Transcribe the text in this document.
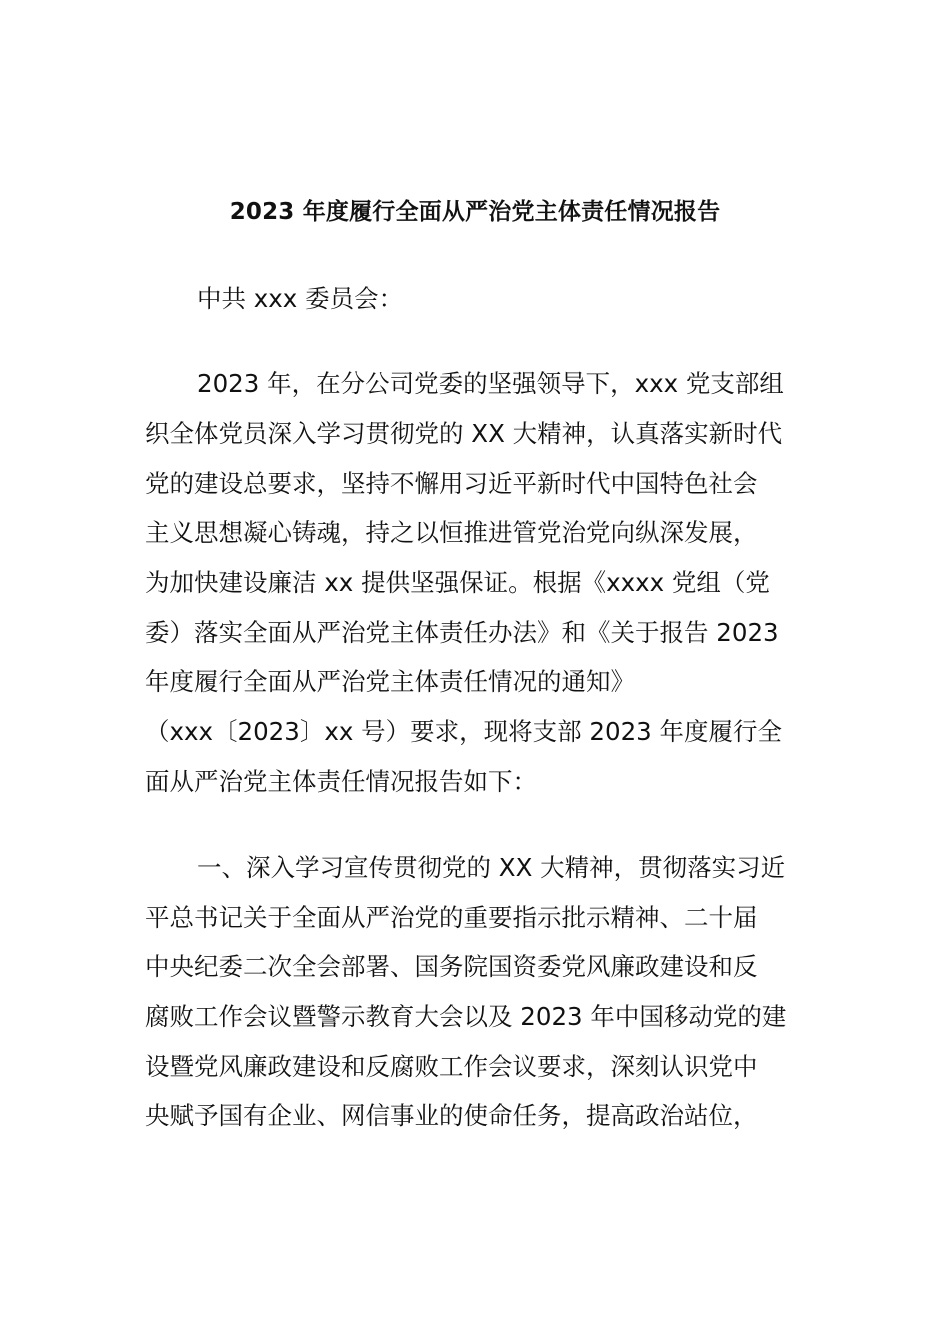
2023 年度履行全面从严治党主体责任情况报告
中共 xxx 委员会：
2023 年，在分公司党委的坚强领导下，xxx 党支部组
织全体党员深入学习贯彻党的 XX 大精神，认真落实新时代
党的建设总要求，坚持不懈用习近平新时代中国特色社会
主义思想凝心铸魂，持之以恒推进管党治党向纵深发展，
为加快建设廉洁 xx 提供坚强保证。根据《xxxx 党组（党
委）落实全面从严治党主体责任办法》和《关于报告 2023
年度履行全面从严治党主体责任情况的通知》
（xxx〔2023〕xx 号）要求，现将支部 2023 年度履行全
面从严治党主体责任情况报告如下：
一、深入学习宣传贯彻党的 XX 大精神，贯彻落实习近
平总书记关于全面从严治党的重要指示批示精神、二十届
中央纪委二次全会部署、国务院国资委党风廉政建设和反
腐败工作会议暨警示教育大会以及 2023 年中国移动党的建
设暨党风廉政建设和反腐败工作会议要求，深刻认识党中
央赋予国有企业、网信事业的使命任务，提高政治站位，
